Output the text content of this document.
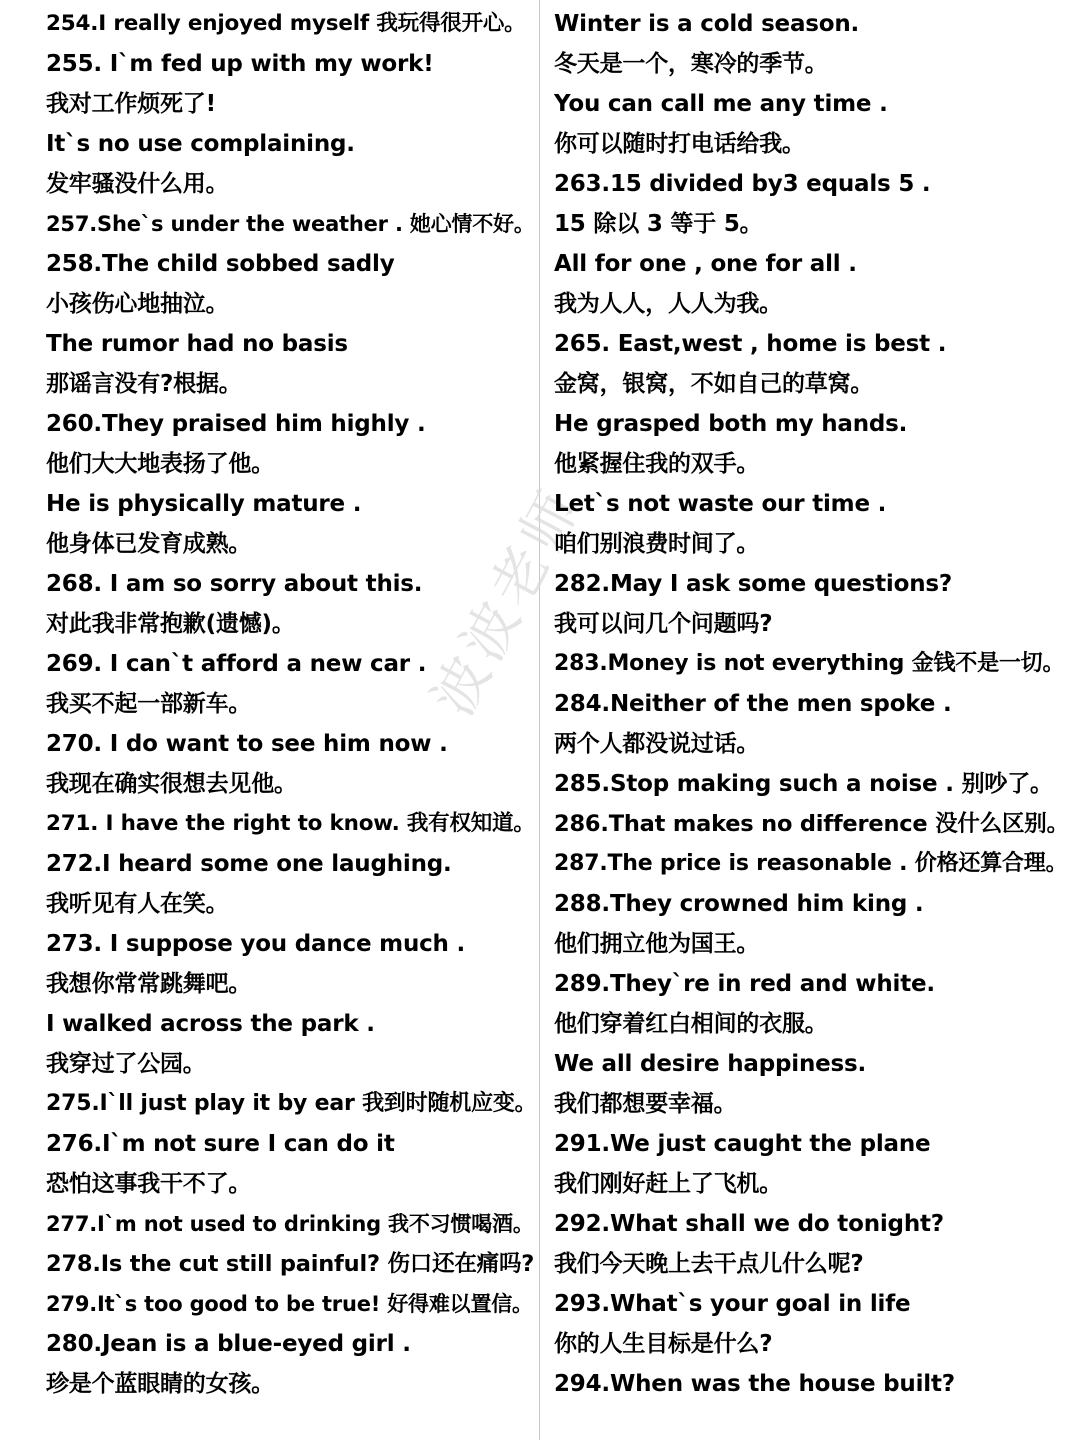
波波老师
254.I really enjoyed myself 我玩得很开心。
255. I`m fed up with my work!
我对工作烦死了!
It`s no use complaining.
发牢骚没什么用。
257.She`s under the weather . 她心情不好。
258.The child sobbed sadly
小孩伤心地抽泣。
The rumor had no basis
那谣言没有?根据。
260.They praised him highly .
他们大大地表扬了他。
He is physically mature .
他身体已发育成熟。
268. I am so sorry about this.
对此我非常抱歉(遗憾)。
269. I can`t afford a new car .
我买不起一部新车。
270. I do want to see him now .
我现在确实很想去见他。
271. I have the right to know. 我有权知道。
272.I heard some one laughing.
我听见有人在笑。
273. I suppose you dance much .
我想你常常跳舞吧。
I walked across the park .
我穿过了公园。
275.I`ll just play it by ear 我到时随机应变。
276.I`m not sure I can do it
恐怕这事我干不了。
277.I`m not used to drinking 我不习惯喝酒。
278.Is the cut still painful? 伤口还在痛吗?
279.It`s too good to be true! 好得难以置信。
280.Jean is a blue-eyed girl .
珍是个蓝眼睛的女孩。
Winter is a cold season.
冬天是一个，寒冷的季节。
You can call me any time .
你可以随时打电话给我。
263.15 divided by3 equals 5 .
15 除以 3 等于 5。
All for one , one for all .
我为人人，人人为我。
265. East,west , home is best .
金窝，银窝，不如自己的草窝。
He grasped both my hands.
他紧握住我的双手。
Let`s not waste our time .
咱们别浪费时间了。
282.May I ask some questions?
我可以问几个问题吗?
283.Money is not everything 金钱不是一切。
284.Neither of the men spoke .
两个人都没说过话。
285.Stop making such a noise . 别吵了。
286.That makes no difference 没什么区别。
287.The price is reasonable . 价格还算合理。
288.They crowned him king .
他们拥立他为国王。
289.They`re in red and white.
他们穿着红白相间的衣服。
We all desire happiness.
我们都想要幸福。
291.We just caught the plane
我们刚好赶上了飞机。
292.What shall we do tonight?
我们今天晚上去干点儿什么呢?
293.What`s your goal in life
你的人生目标是什么?
294.When was the house built?
